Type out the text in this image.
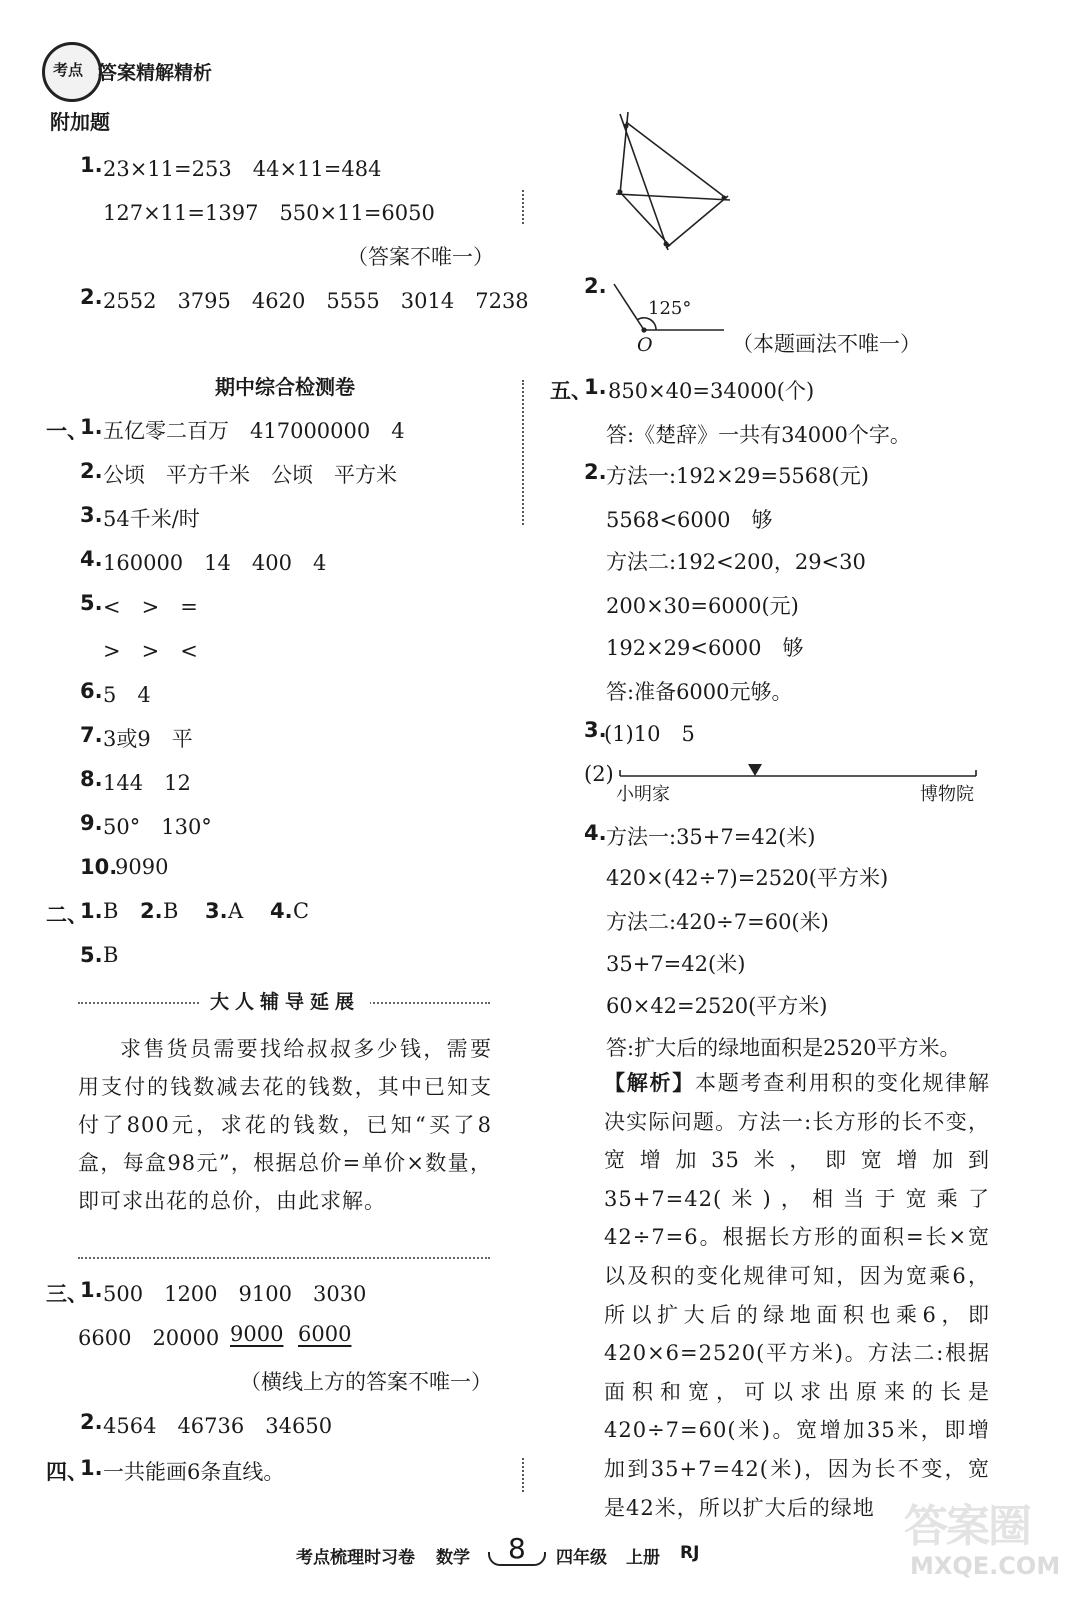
考点 答案精解精析
附加题
1. 23×11=253　44×11=484
127×11=1397　550×11=6050
（答案不唯一）
2. 2552　3795　4620　5555　3014　7238
期中综合检测卷
一、
1. 五亿零二百万　417000000　4
2. 公顷　平方千米　公顷　平方米
3. 54千米/时
4. 160000　14　400　4
5. <　>　=
>　>　<
6. 5　4
7. 3或9　平
8. 144　12
9. 50°　130°
10.
9090
二、
1. B 2. B 3. A 4. C
5. B
大人辅导延展
求售货员需要找给叔叔多少钱，需要用支付的钱数减去花的钱数，其中已知支付了800元，求花的钱数，已知“买了8盒，每盒98元”，根据总价=单价×数量，即可求出花的总价，由此求解。
三、
1. 500　1200　9100　3030
6600　20000 9000 6000
（横线上方的答案不唯一）
2. 4564　46736　34650
四、
1. 一共能画6条直线。
2.
125°
O	（本题画法不唯一）
五、
1. 850×40=34000(个)
答:《楚辞》一共有34000个字。
2. 方法一:192×29=5568(元)
5568<6000　够
方法二:192<200，29<30
200×30=6000(元)
192×29<6000　够
答:准备6000元够。
3.
(1)10　5
(2)
小明家	博物院
4. 方法一:35+7=42(米)
420×(42÷7)=2520(平方米)
方法二:420÷7=60(米)
35+7=42(米)
60×42=2520(平方米)
答:扩大后的绿地面积是2520平方米。
【解析】本题考查利用积的变化规律解决实际问题。方法一:长方形的长不变，宽增加35米，即宽增加到35+7=42(米)，相当于宽乘了42÷7=6。根据长方形的面积=长×宽以及积的变化规律可知，因为宽乘6，所以扩大后的绿地面积也乘6，即420×6=2520(平方米)。方法二:根据面积和宽，可以求出原来的长是420÷7=60(米)。宽增加35米，即增加到35+7=42(米)，因为长不变，宽是42米，所以扩大后的绿地 答案圈
MXQE.COM
考点梳理时习卷 数学 8 四年级 上册 RJ
